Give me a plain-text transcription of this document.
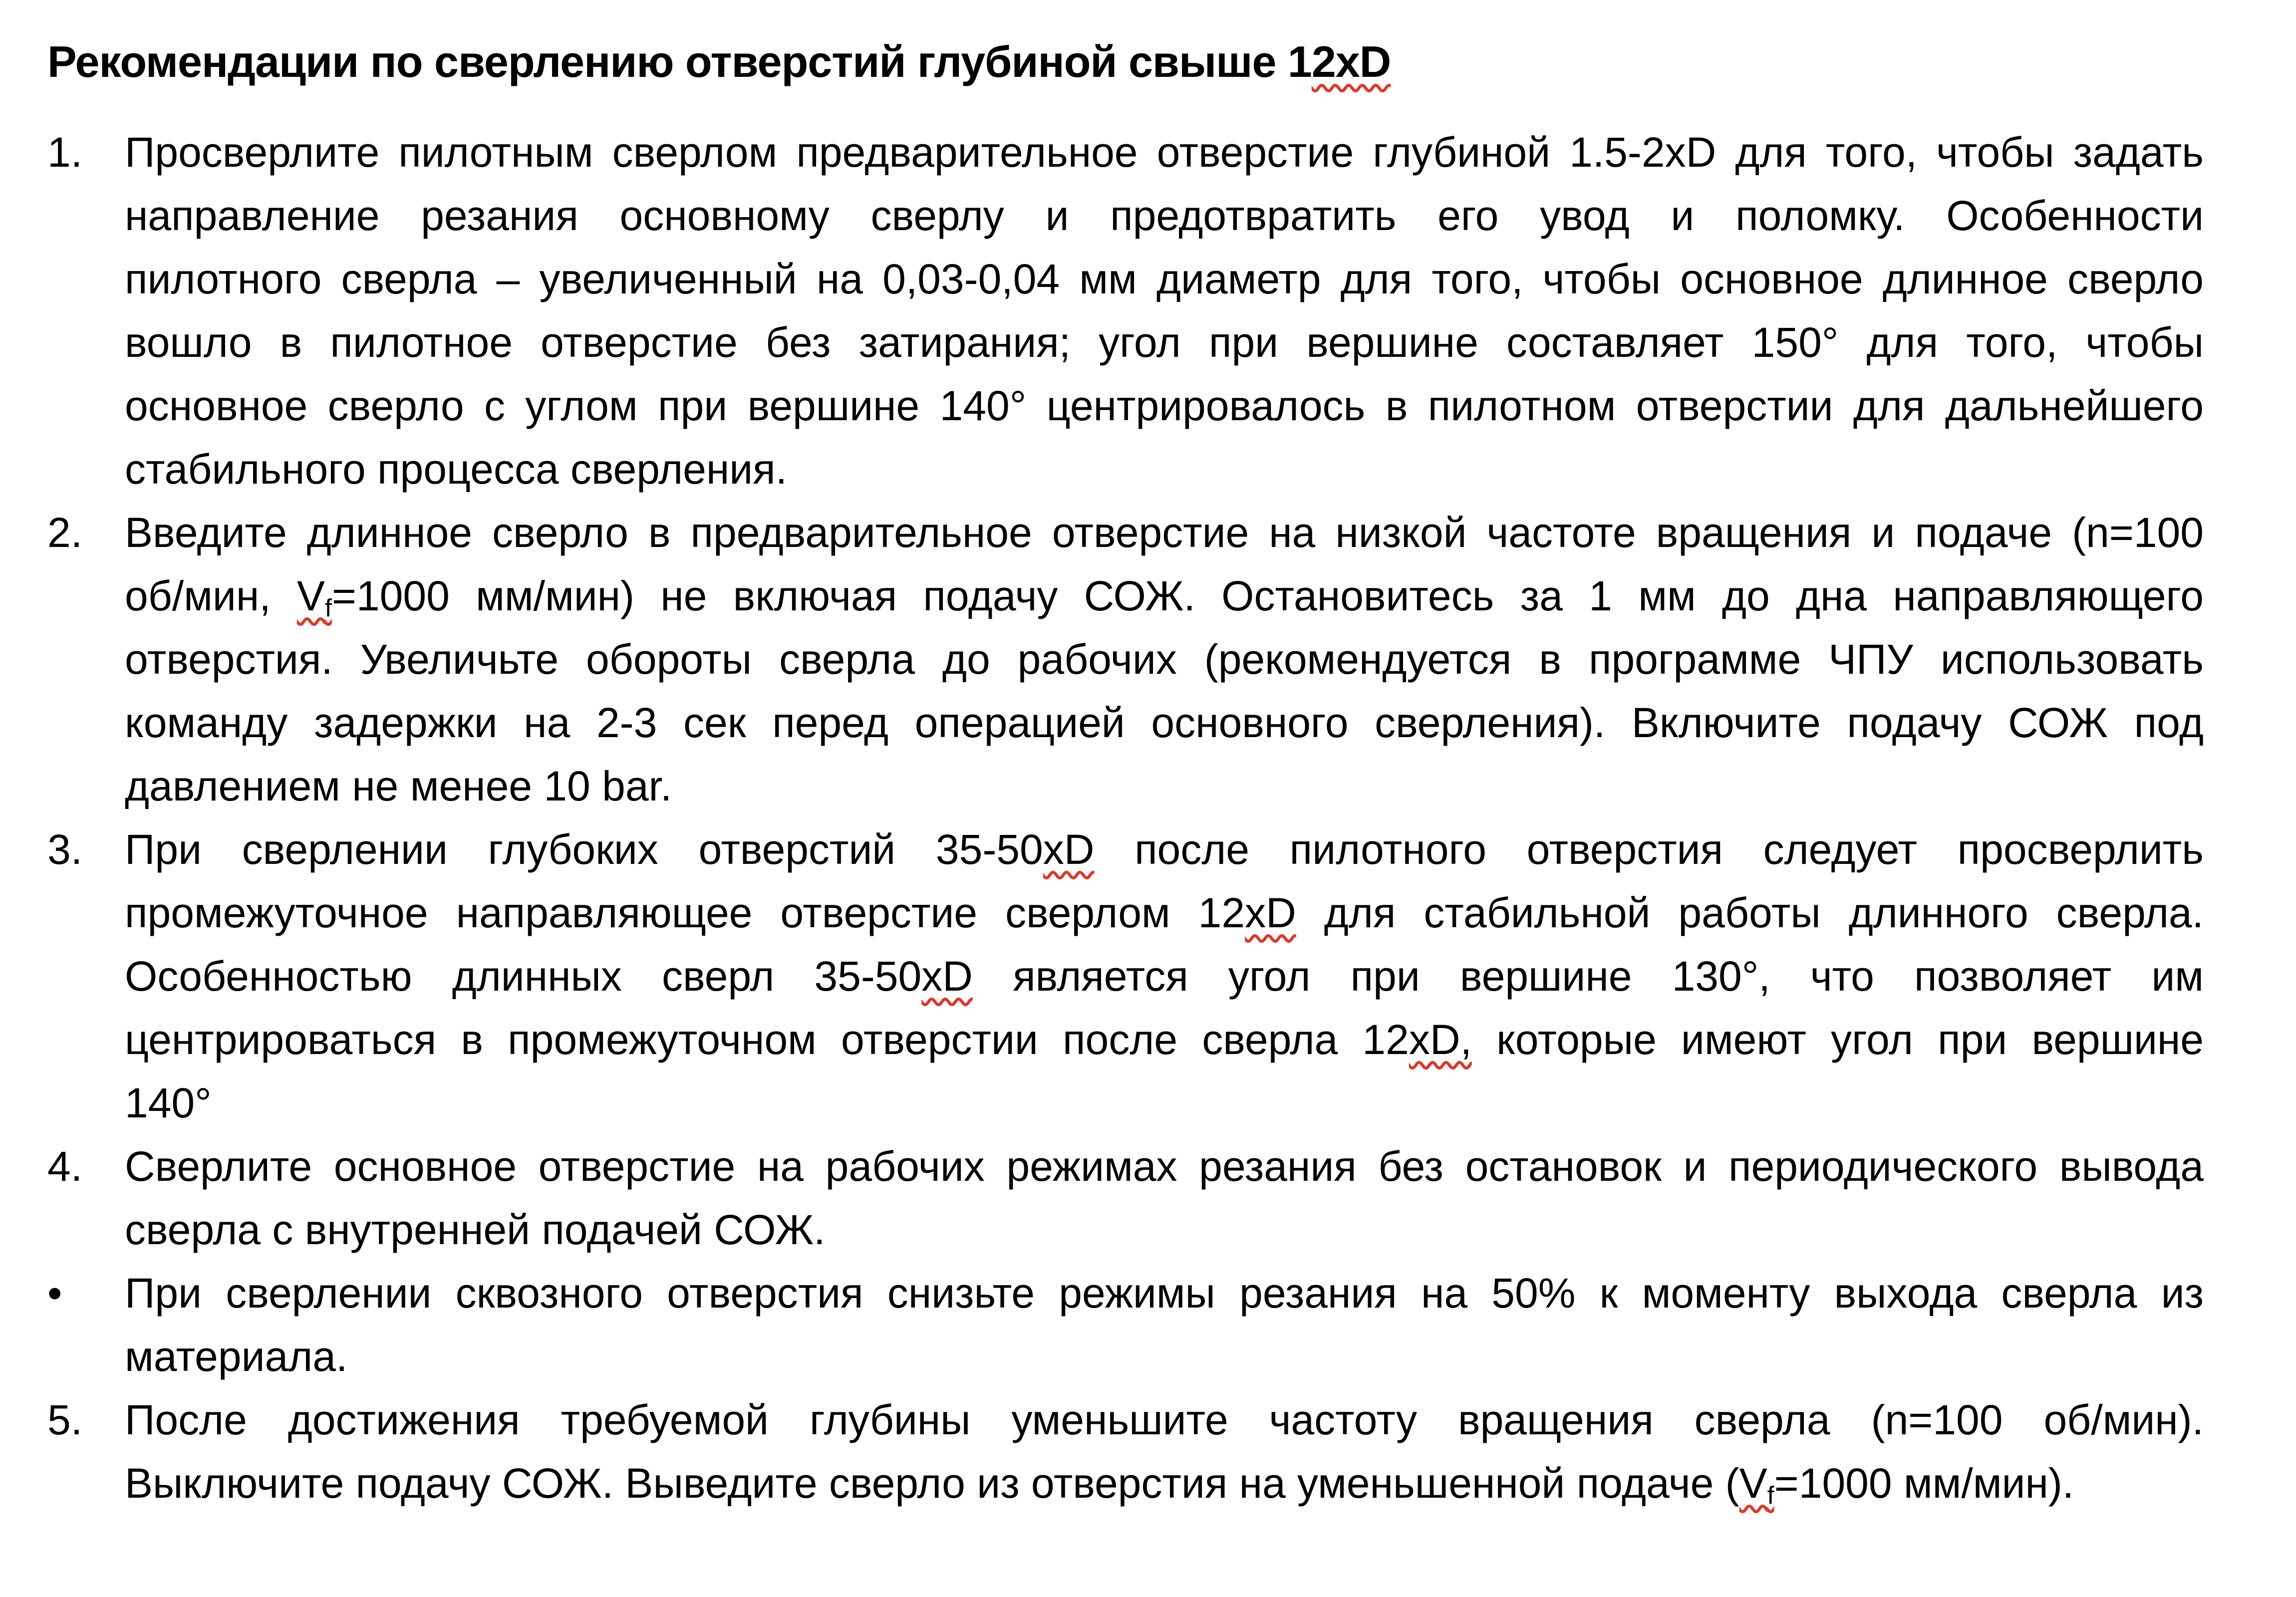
Рекомендации по сверлению отверстий глубиной свыше 12xD
1.	Просверлите пилотным сверлом предварительное отверстие глубиной 1.5-2xD для того, чтобы задать
направление резания основному сверлу и предотвратить его увод и поломку. Особенности
пилотного сверла – увеличенный на 0,03-0,04 мм диаметр для того, чтобы основное длинное сверло
вошло в пилотное отверстие без затирания; угол при вершине составляет 150° для того, чтобы
основное сверло с углом при вершине 140° центрировалось в пилотном отверстии для дальнейшего
стабильного процесса сверления.
2.	Введите длинное сверло в предварительное отверстие на низкой частоте вращения и подаче (n=100
об/мин, $V_f=1000$ мм/мин) не включая подачу СОЖ. Остановитесь за 1 мм до дна направляющего
отверстия. Увеличьте обороты сверла до рабочих (рекомендуется в программе ЧПУ использовать
команду задержки на 2-3 сек перед операцией основного сверления). Включите подачу СОЖ под
давлением не менее 10 bar.
3.	При сверлении глубоких отверстий 35-50xD после пилотного отверстия следует просверлить
промежуточное направляющее отверстие сверлом 12xD для стабильной работы длинного сверла.
Особенностью длинных сверл 35-50xD является угол при вершине 130°, что позволяет им
центрироваться в промежуточном отверстии после сверла 12xD, которые имеют угол при вершине
140°
4.	Сверлите основное отверстие на рабочих режимах резания без остановок и периодического вывода
сверла с внутренней подачей СОЖ.
•	При сверлении сквозного отверстия снизьте режимы резания на 50% к моменту выхода сверла из
материала.
5.	После достижения требуемой глубины уменьшите частоту вращения сверла (n=100 об/мин).
Выключите подачу СОЖ. Выведите сверло из отверстия на уменьшенной подаче ($V_f=1000$ мм/мин).
